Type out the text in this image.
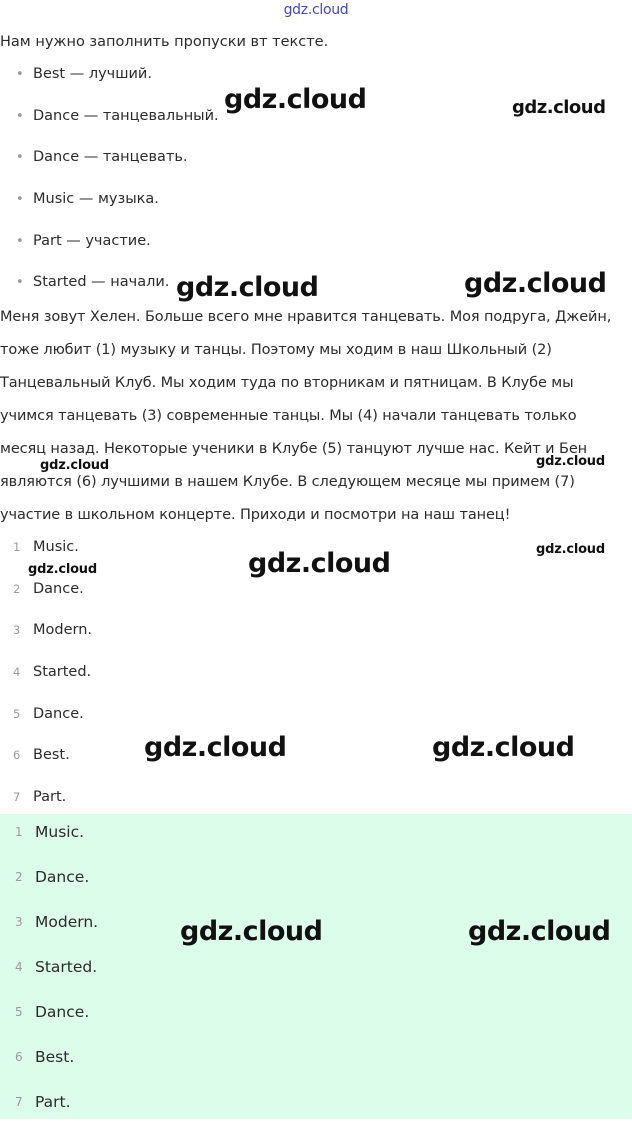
gdz.cloud
Нам нужно заполнить пропуски вт тексте.
• Best — лучший.
• Dance — танцевальный.
• Dance — танцевать.
• Music — музыка.
• Part — участие.
• Started — начали.
Меня зовут Хелен. Больше всего мне нравится танцевать. Моя подруга, Джейн,
тоже любит (1) музыку и танцы. Поэтому мы ходим в наш Школьный (2)
Танцевальный Клуб. Мы ходим туда по вторникам и пятницам. В Клубе мы
учимся танцевать (3) современные танцы. Мы (4) начали танцевать только
месяц назад. Некоторые ученики в Клубе (5) танцуют лучше нас. Кейт и Бен
являются (6) лучшими в нашем Клубе. В следующем месяце мы примем (7)
участие в школьном концерте. Приходи и посмотри на наш танец!
1 Music.
2 Dance.
3 Modern.
4 Started.
5 Dance.
6 Best.
7 Part.
1 Music.
2 Dance.
3 Modern.
4 Started.
5 Dance.
6 Best.
7 Part.
gdz.cloud	gdz.cloud
gdz.cloud	gdz.cloud
gdz.cloud	gdz.cloud
gdz.cloud
gdz.cloud	gdz.cloud
gdz.cloud	gdz.cloud
gdz.cloud	gdz.cloud
